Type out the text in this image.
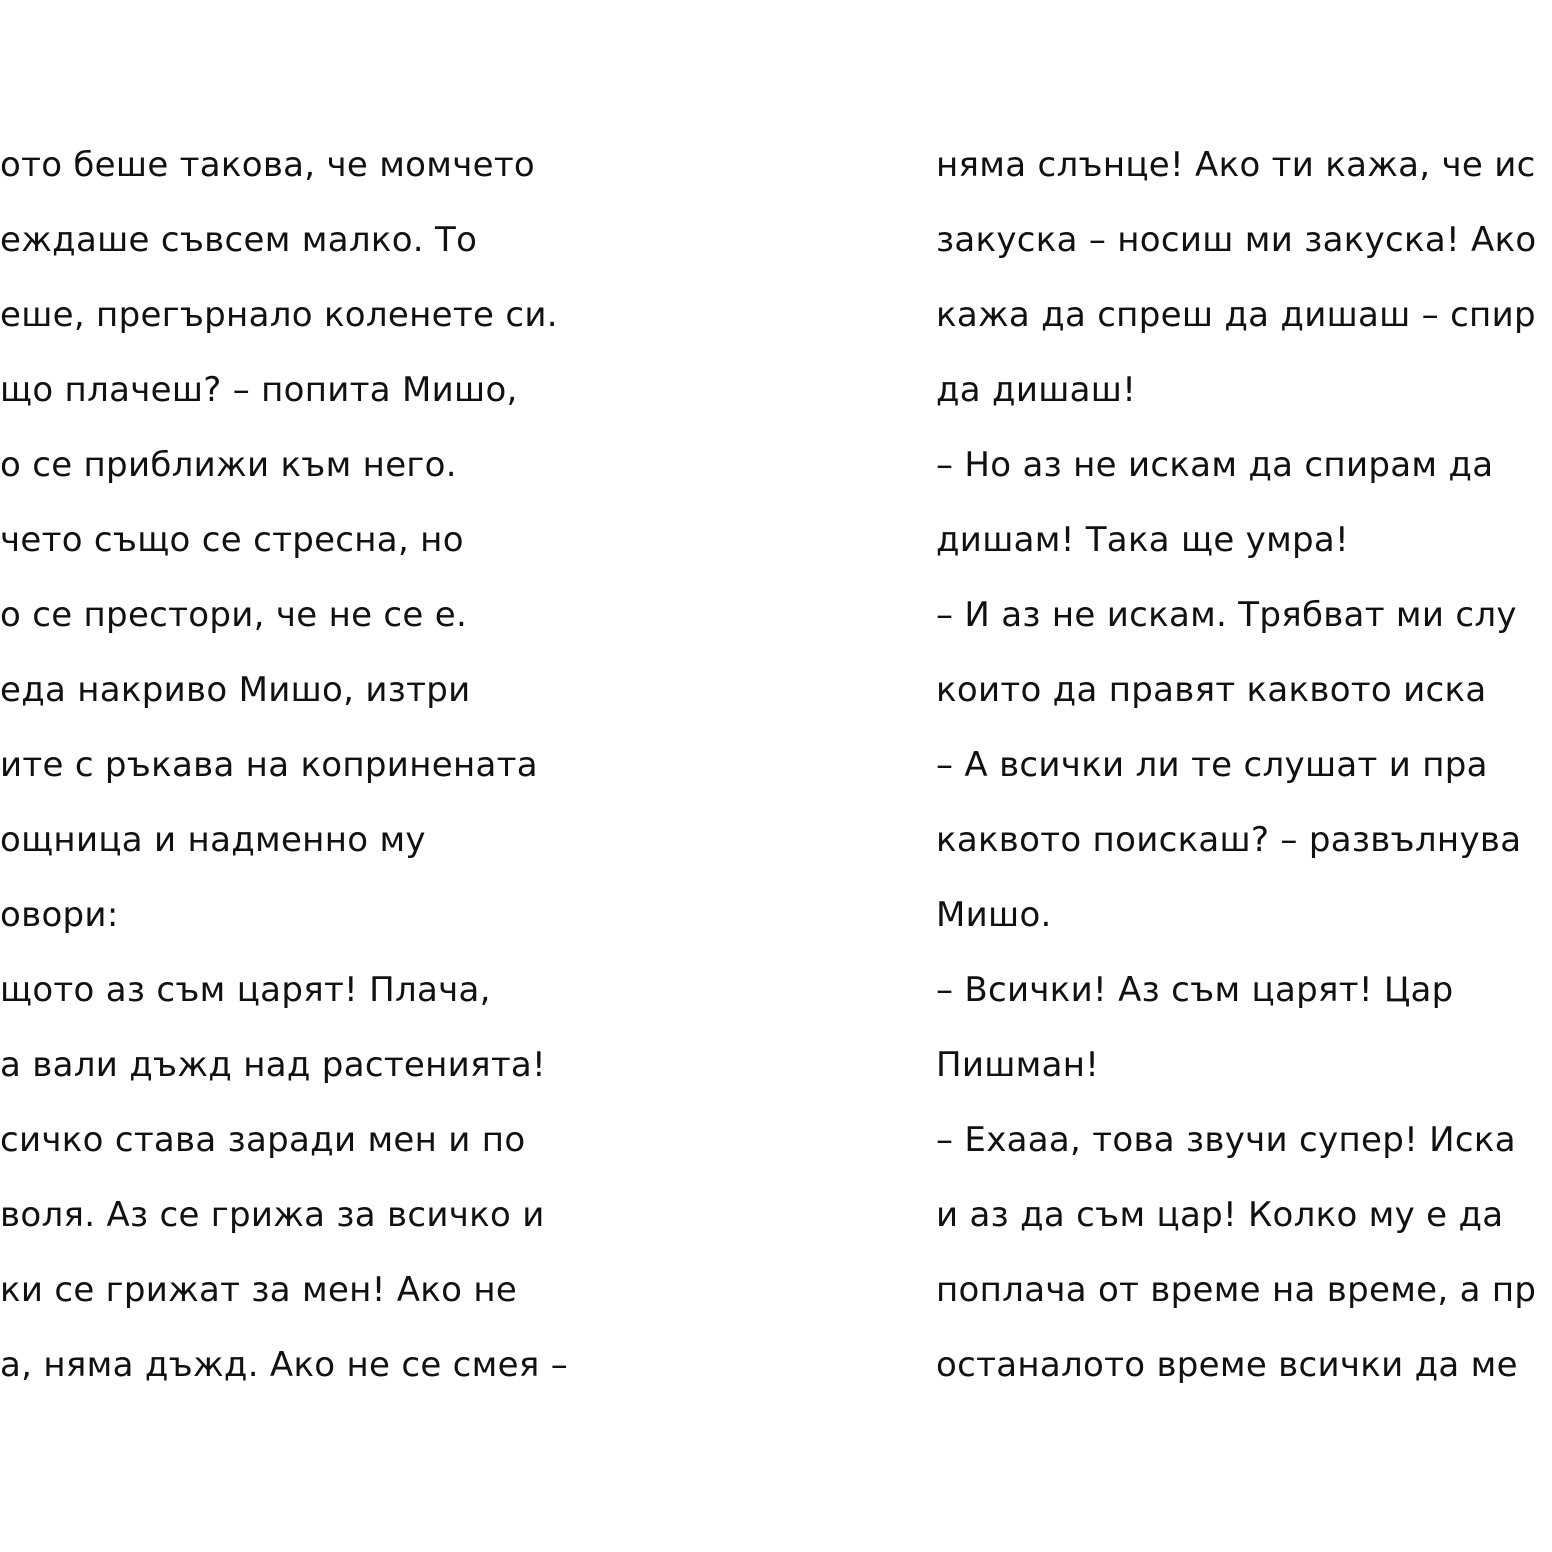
ото беше такова, че момчето
еждаше съвсем малко. То
еше, прегърнало коленете си.
що плачеш? – попита Мишо,
о се приближи към него.
чето също се стресна, но
о се престори, че не се е.
еда накриво Мишо, изтри
ите с ръкава на копринената
ощница и надменно му
овори:
щото аз съм царят! Плача,
а вали дъжд над растенията!
сичко става заради мен и по
воля. Аз се грижа за всичко и
ки се грижат за мен! Ако не
а, няма дъжд. Ако не се смея –
няма слънце! Ако ти кажа, че ис
закуска – носиш ми закуска! Ако
кажа да спреш да дишаш – спир
да дишаш!
– Но аз не искам да спирам да
дишам! Така ще умра!
– И аз не искам. Трябват ми слу
които да правят каквото иска
– А всички ли те слушат и пра
каквото поискаш? – развълнува
Мишо.
– Всички! Аз съм царят! Цар
Пишман!
– Ехааа, това звучи супер! Иска
и аз да съм цар! Колко му е да
поплача от време на време, а пр
останалото време всички да ме
